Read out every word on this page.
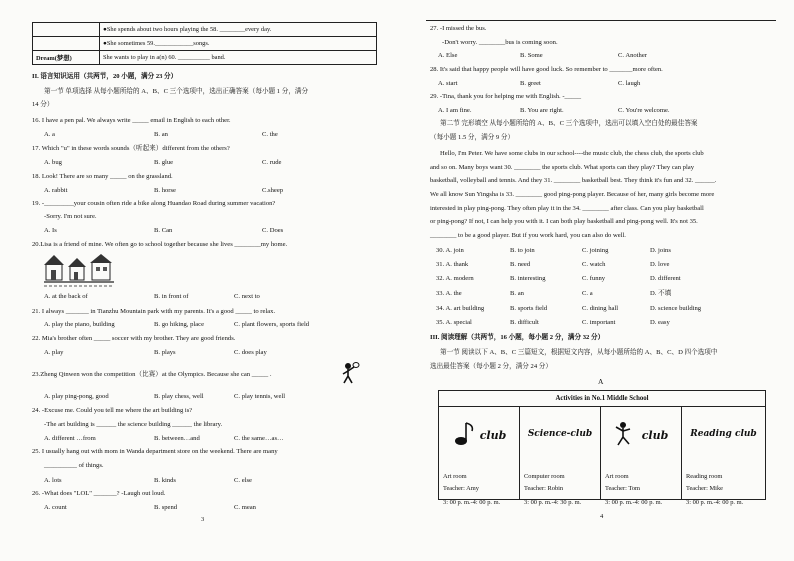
	●She spends about two hours playing the 58. ________every day.
	●She sometimes 59.____________songs.
Dream(梦想)	She wants to play in a(n) 60. __________ band.
II. 语言知识运用（共两节，20 小题，满分 23 分）
第一节 单项选择 从每小题所给的 A、B、C 三个选项中，选出正确答案（每小题 1 分，满分
14 分）
16. I have a pen pal. We always write _____ email in English to each other.
A. a	B. an	C. the
17. Which "u" in these words sounds（听起来）different from the others?
A. bug	B. glue	C. rude
18. Look! There are so many _____ on the grassland.
A. rabbit	B. horse	C.sheep
19. -_________your cousin often ride a bike along Huandao Road during summer vacation?
-Sorry. I'm not sure.
A. Is	B. Can	C. Does
20.Lisa is a friend of mine. We often go to school together because she lives ________my home.
A. at the back of	B. in front of	C. next to
21. I always _______ in Tianzhu Mountain park with my parents. It's a good _____ to relax.
A. play the piano, building	B. go hiking, place	C. plant flowers, sports field
22. Mia's brother often _____ soccer with my brother. They are good friends.
A. play	B. plays	C. does play
23.Zheng Qinwen won the competition（比赛）at the Olympics. Because she can _____ .
A. play ping-pong, good	B. play chess, well	C. play tennis, well
24. -Excuse me. Could you tell me where the art building is?
-The art building is ______ the science building ______ the library.
A. different …from	B. between…and	C. the same…as…
25. I usually hang out with mom in Wanda department store on the weekend. There are many
__________ of things.
A. lots	B. kinds	C. else
26. -What does "LOL" _______? -Laugh out loud.
A. count	B. spend	C. mean
3
27. -I missed the bus.
-Don't worry. ________bus is coming soon.
A. Else	B. Some	C. Another
28. It's said that happy people will have good luck. So remember to _______more often.
A. start	B. greet	C. laugh
29. -Tina, thank you for helping me with English. -_____
A. I am fine.	B. You are right.	C. You're welcome.
第二节 完形填空 从每小题所给的 A、B、C 三个选项中，选出可以填入空白处的最佳答案
（每小题 1.5 分，满分 9 分）
Hello, I'm Peter. We have some clubs in our school----the music club, the chess club, the sports club
and so on. Many boys want 30. ________ the sports club. What sports can they play? They can play
basketball, volleyball and tennis. And they 31. ________ basketball best. They think it's fun and 32. ______.
We all know Sun Yingsha is 33. ________ good ping-pong player. Because of her, many girls become more
interested in play ping-pong. They often play it in the 34. ________ after class. Can you play basketball
or ping-pong? If not, I can help you with it. I can both play basketball and ping-pong well. It's not 35.
________ to be a good player. But if you work hard, you can also do well.
30. A. join	B. to join	C. joining	D. joins
31. A. thank	B. need	C. watch	D. love
32. A. modern	B. interesting	C. funny	D. different
33. A. the	B. an	C. a	D. 不填
34. A. art building	B. sports field	C. dining hall	D. science building
35. A. special	B. difficult	C. important	D. easy
III. 阅读理解（共两节，16 小题，每小题 2 分，满分 32 分）
第一节 阅读以下 A、B、C 三篇短文，根据短文内容，从每小题所给的 A、B、C、D 四个选项中
选出最佳答案（每小题 2 分，满分 24 分）
A
Activities in No.1 Middle School
club
Art room
Teacher: Amy
3: 00 p. m.-4: 00 p. m.
Science-club
Computer room
Teacher: Robin
3: 00 p. m.-4: 30 p. m.
club
Art room
Teacher: Tom
3: 00 p. m.-4: 00 p. m.
Reading club
Reading room
Teacher: Mike
3: 00 p. m.-4: 00 p. m.
4
